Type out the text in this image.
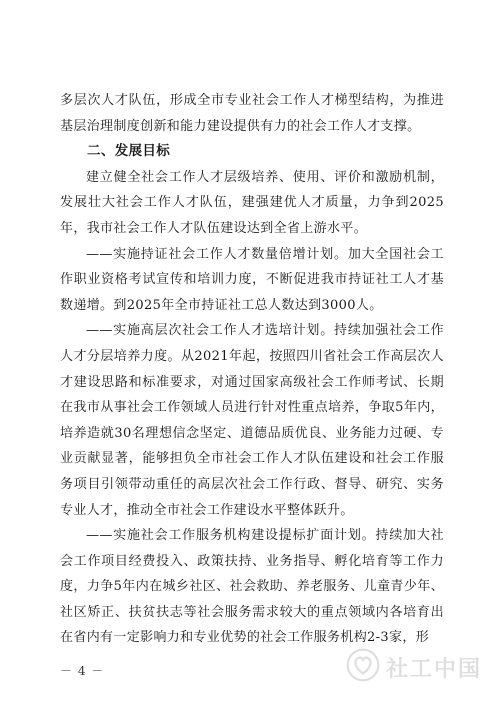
多层次人才队伍，形成全市专业社会工作人才梯型结构，为推进基层治理制度创新和能力建设提供有力的社会工作人才支撑。

二、发展目标

建立健全社会工作人才层级培养、使用、评价和激励机制，发展壮大社会工作人才队伍，建强建优人才质量，力争到2025年，我市社会工作人才队伍建设达到全省上游水平。

——实施持证社会工作人才数量倍增计划。加大全国社会工作职业资格考试宣传和培训力度，不断促进我市持证社工人才基数递增。到2025年全市持证社工总人数达到3000人。

——实施高层次社会工作人才选培计划。持续加强社会工作人才分层培养力度。从2021年起，按照四川省社会工作高层次人才建设思路和标准要求，对通过国家高级社会工作师考试、长期在我市从事社会工作领域人员进行针对性重点培养，争取5年内，培养造就30名理想信念坚定、道德品质优良、业务能力过硬、专业贡献显著，能够担负全市社会工作人才队伍建设和社会工作服务项目引领带动重任的高层次社会工作行政、督导、研究、实务专业人才，推动全市社会工作建设水平整体跃升。

——实施社会工作服务机构建设提标扩面计划。持续加大社会工作项目经费投入、政策扶持、业务指导、孵化培育等工作力度，力争5年内在城乡社区、社会救助、养老服务、儿童青少年、社区矫正、扶贫扶志等社会服务需求较大的重点领域内各培育出在省内有一定影响力和专业优势的社会工作服务机构2-3家，形

－ 4 －	社工中国
